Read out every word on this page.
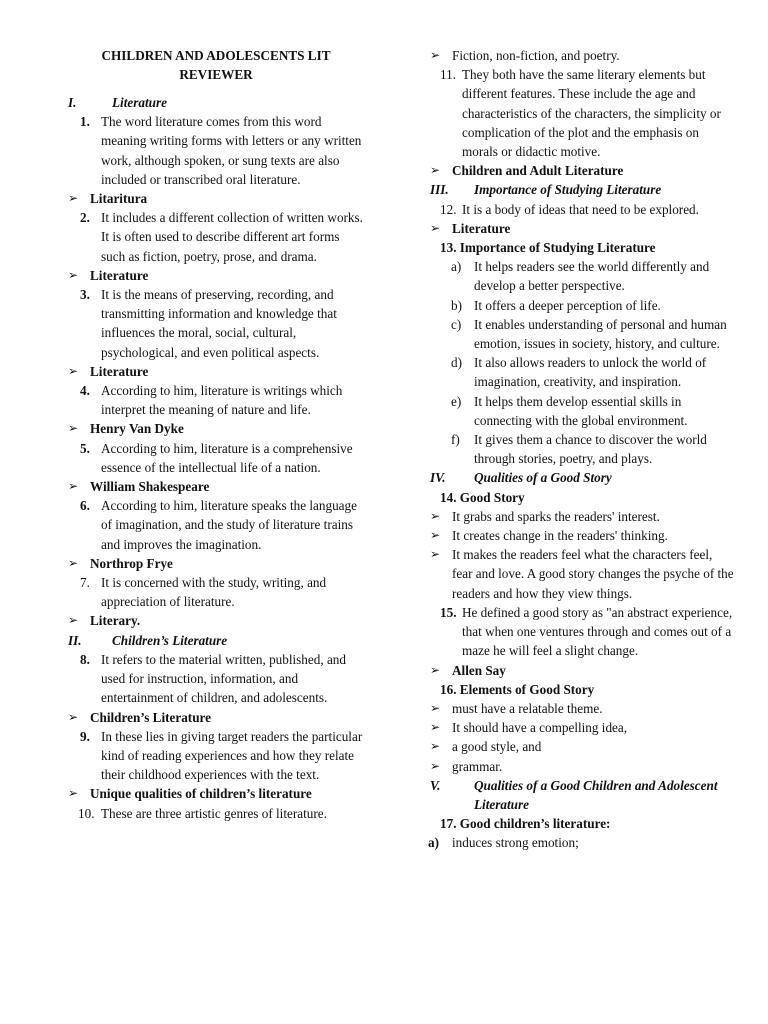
CHILDREN AND ADOLESCENTS LIT REVIEWER
I.	Literature
1. The word literature comes from this word meaning writing forms with letters or any written work, although spoken, or sung texts are also included or transcribed oral literature.
➢ Litaritura
2. It includes a different collection of written works. It is often used to describe different art forms such as fiction, poetry, prose, and drama.
➢ Literature
3. It is the means of preserving, recording, and transmitting information and knowledge that influences the moral, social, cultural, psychological, and even political aspects.
➢ Literature
4. According to him, literature is writings which interpret the meaning of nature and life.
➢ Henry Van Dyke
5. According to him, literature is a comprehensive essence of the intellectual life of a nation.
➢ William Shakespeare
6. According to him, literature speaks the language of imagination, and the study of literature trains and improves the imagination.
➢ Northrop Frye
7. It is concerned with the study, writing, and appreciation of literature.
➢ Literary.
II.	Children’s Literature
8. It refers to the material written, published, and used for instruction, information, and entertainment of children, and adolescents.
➢ Children’s Literature
9. In these lies in giving target readers the particular kind of reading experiences and how they relate their childhood experiences with the text.
➢ Unique qualities of children’s literature
10. These are three artistic genres of literature.
➢ Fiction, non-fiction, and poetry.
11. They both have the same literary elements but different features. These include the age and characteristics of the characters, the simplicity or complication of the plot and the emphasis on morals or didactic motive.
➢ Children and Adult Literature
III.	Importance of Studying Literature
12. It is a body of ideas that need to be explored.
➢ Literature
13. Importance of Studying Literature
a) It helps readers see the world differently and develop a better perspective.
b) It offers a deeper perception of life.
c) It enables understanding of personal and human emotion, issues in society, history, and culture.
d) It also allows readers to unlock the world of imagination, creativity, and inspiration.
e) It helps them develop essential skills in connecting with the global environment.
f)	It gives them a chance to discover the world through stories, poetry, and plays.
IV.	Qualities of a Good Story
14. Good Story
➢ It grabs and sparks the readers' interest.
➢ It creates change in the readers' thinking.
➢ It makes the readers feel what the characters feel, fear and love. A good story changes the psyche of the readers and how they view things.
15. He defined a good story as "an abstract experience, that when one ventures through and comes out of a maze he will feel a slight change.
➢ Allen Say
16. Elements of Good Story
➢ must have a relatable theme.
➢ It should have a compelling idea,
➢ a good style, and
➢ grammar.
V.	Qualities of a Good Children and Adolescent Literature
17. Good children’s literature:
a) induces strong emotion;
